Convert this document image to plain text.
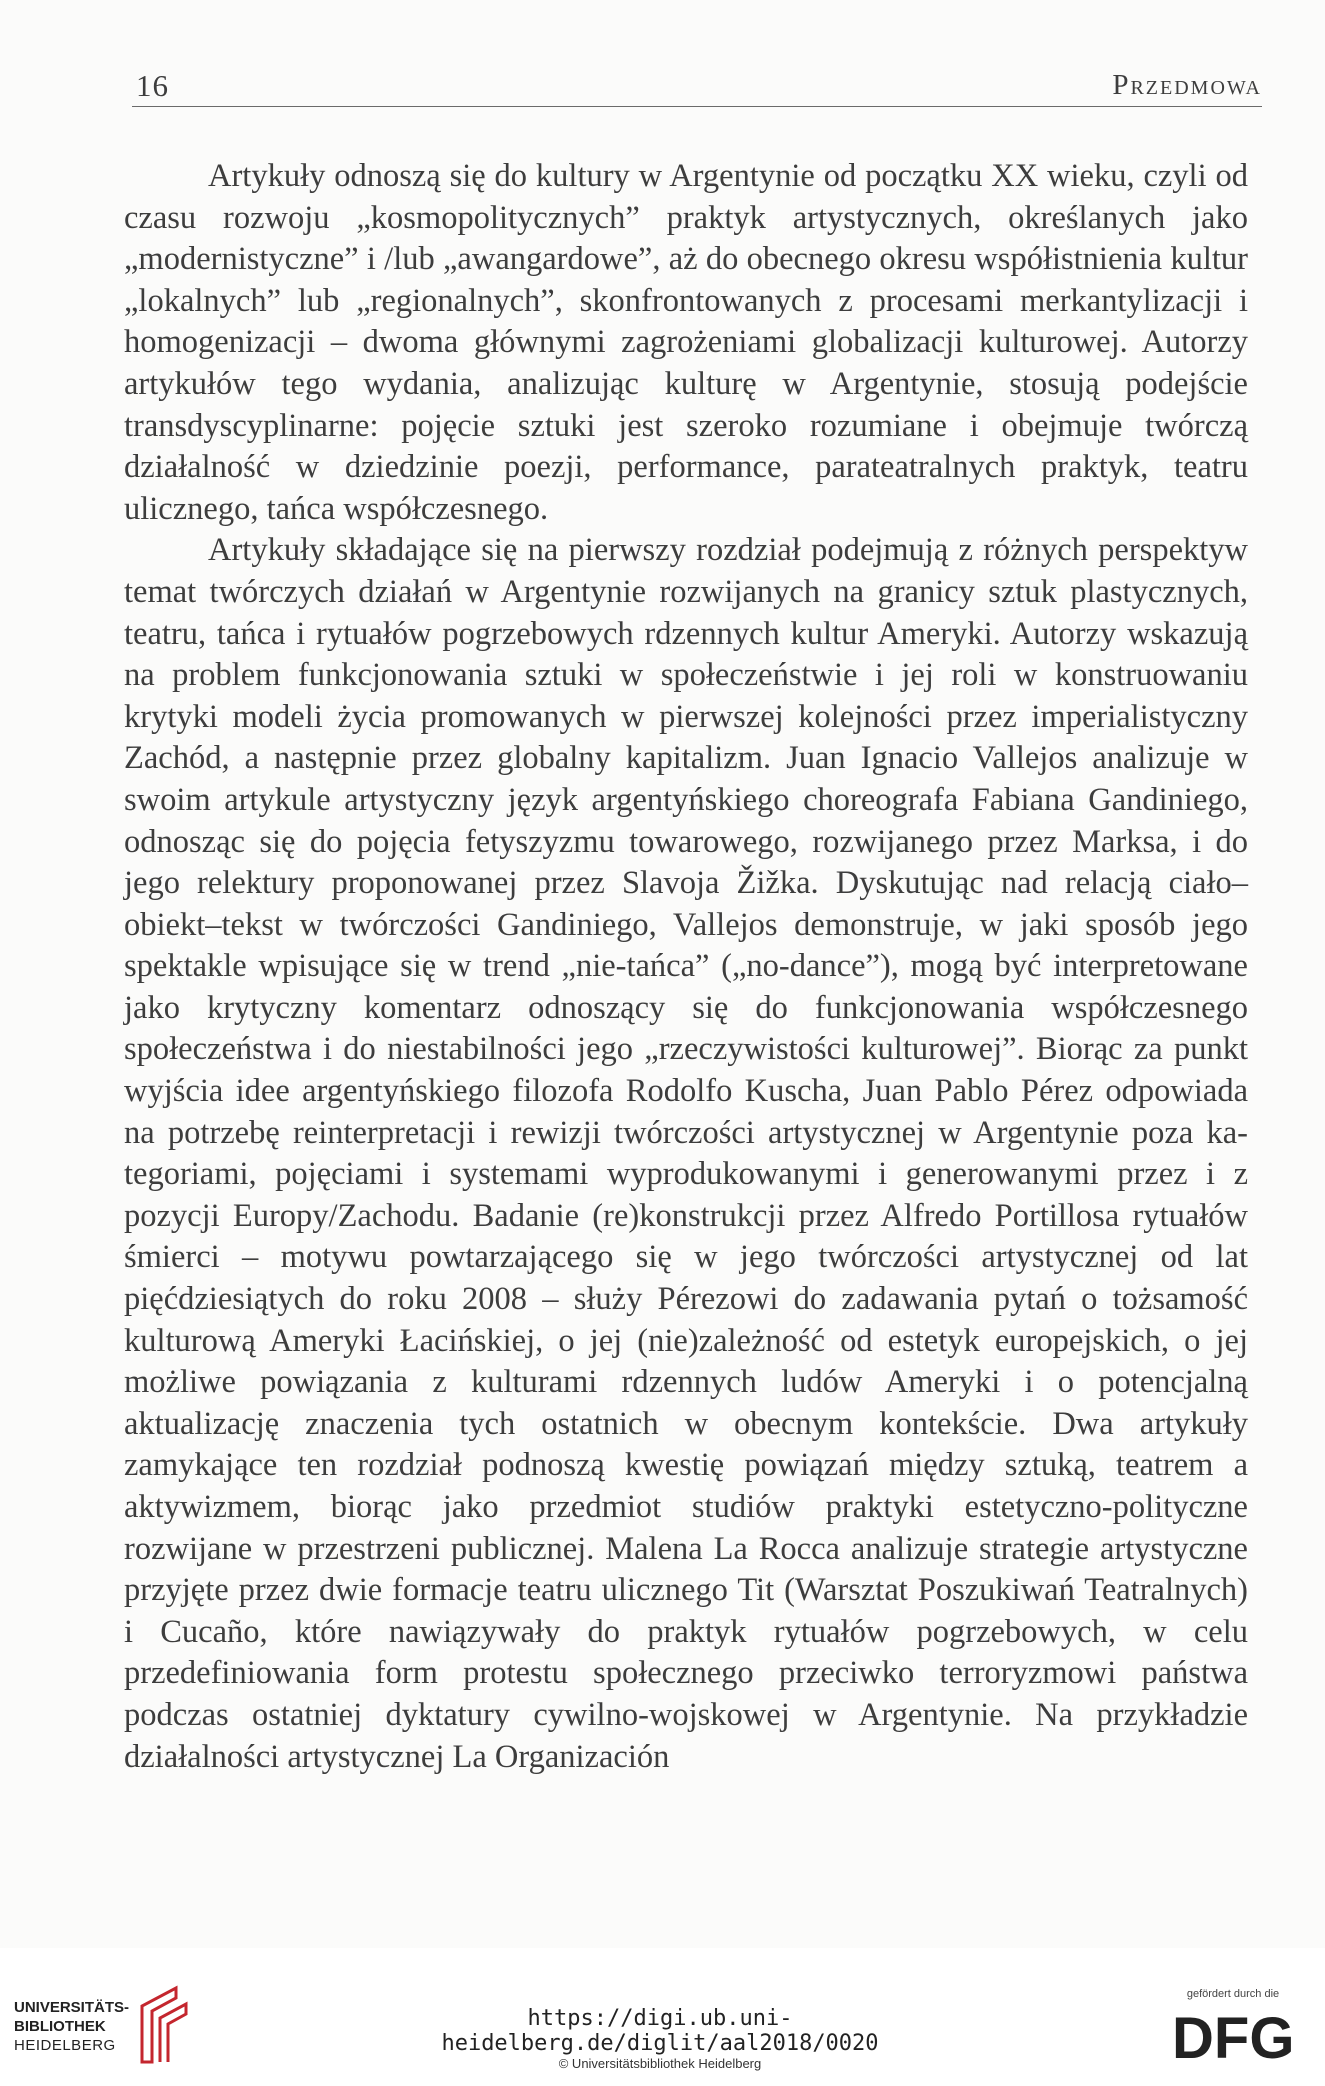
16	Przedmowa

Artykuły odnoszą się do kultury w Argentynie od początku XX wieku, czyli od czasu rozwoju „kosmopolitycznych” praktyk artystycznych, określanych jako „modernistyczne” i /lub „awangardowe”, aż do obecnego okresu współistnienia kultur „lokalnych” lub „regionalnych”, skonfrontowanych z procesami merkantylizacji i homogenizacji – dwoma głównymi zagrożeniami globalizacji kulturowej. Autorzy artykułów tego wydania, analizując kulturę w Argentynie, stosują podejście transdyscyplinarne: pojęcie sztuki jest szeroko rozumiane i obejmuje twórczą działalność w dziedzinie poezji, performance, parateatralnych praktyk, teatru ulicznego, tańca współczesnego.

Artykuły składające się na pierwszy rozdział podejmują z różnych perspektyw temat twórczych działań w Argentynie rozwijanych na granicy sztuk plastycznych, teatru, tańca i rytuałów pogrzebowych rdzennych kultur Ameryki. Autorzy wskazują na problem funkcjonowania sztuki w społeczeństwie i jej roli w konstruowaniu krytyki modeli życia promowanych w pierwszej kolejności przez imperialistyczny Zachód, a następnie przez globalny kapitalizm. Juan Ignacio Vallejos analizuje w swoim artykule artystyczny język argentyńskiego choreografa Fabiana Gandiniego, odnosząc się do pojęcia fetyszyzmu towarowego, rozwijanego przez Marksa, i do jego relektury proponowanej przez Slavoja Žižka. Dyskutując nad relacją ciało–obiekt–tekst w twórczości Gandiniego, Vallejos demonstruje, w jaki sposób jego spektakle wpisujące się w trend „nie-tańca” („no-dance”), mogą być interpretowane jako krytyczny komentarz odnoszący się do funkcjonowania współczesnego społeczeństwa i do niestabilności jego „rzeczywistości kulturowej”. Biorąc za punkt wyjścia idee argentyńskiego filozofa Rodolfo Kuscha, Juan Pablo Pérez odpowiada na potrzebę reinterpretacji i rewizji twórczości artystycznej w Argentynie poza kategoriami, pojęciami i systemami wyprodukowanymi i generowanymi przez i z pozycji Europy/Zachodu. Badanie (re)konstrukcji przez Alfredo Portillosa rytuałów śmierci – motywu powtarzającego się w jego twórczości artystycznej od lat pięćdziesiątych do roku 2008 – służy Pérezowi do zadawania pytań o tożsamość kulturową Ameryki Łacińskiej, o jej (nie)zależność od estetyk europejskich, o jej możliwe powiązania z kulturami rdzennych ludów Ameryki i o potencjalną aktualizację znaczenia tych ostatnich w obecnym kontekście. Dwa artykuły zamykające ten rozdział podnoszą kwestię powiązań między sztuką, teatrem a aktywizmem, biorąc jako przedmiot studiów praktyki estetyczno-polityczne rozwijane w przestrzeni publicznej. Malena La Rocca analizuje strategie artystyczne przyjęte przez dwie formacje teatru ulicznego Tit (Warsztat Poszukiwań Teatralnych) i Cucaño, które nawiązywały do praktyk rytuałów pogrzebowych, w celu przedefiniowania form protestu społecznego przeciwko terroryzmowi państwa podczas ostatniej dyktatury cywilno-wojskowej w Argentynie. Na przykładzie działalności artystycznej La Organización

UNIVERSITÄTS-
BIBLIOTHEK
HEIDELBERG
https://digi.ub.uni-heidelberg.de/diglit/aal2018/0020
© Universitätsbibliothek Heidelberg
gefördert durch die
DFG
